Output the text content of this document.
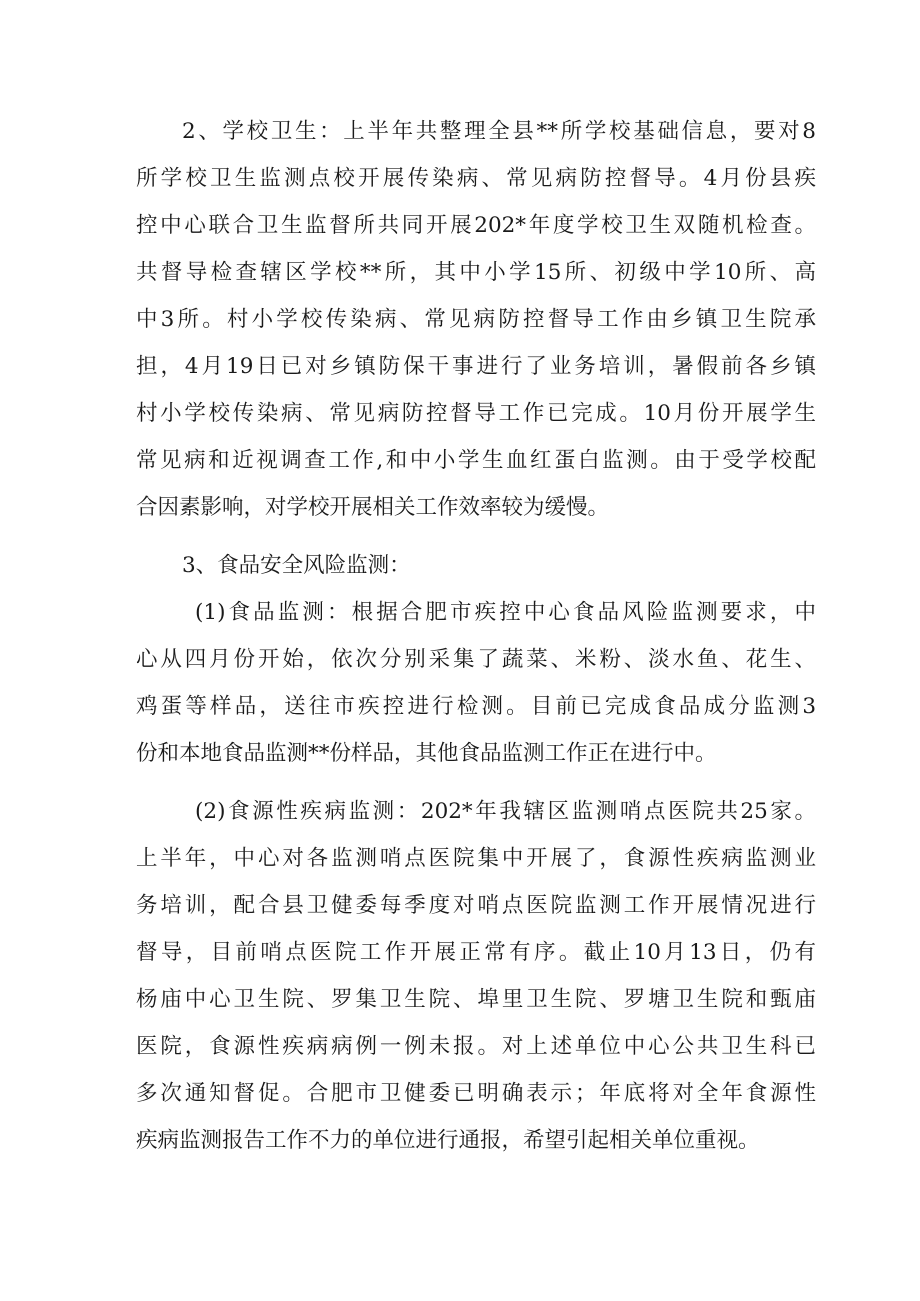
2、学校卫生：上半年共整理全县**所学校基础信息，要对8
所学校卫生监测点校开展传染病、常见病防控督导。4月份县疾
控中心联合卫生监督所共同开展202*年度学校卫生双随机检查。
共督导检查辖区学校**所，其中小学15所、初级中学10所、高
中3所。村小学校传染病、常见病防控督导工作由乡镇卫生院承
担，4月19日已对乡镇防保干事进行了业务培训，暑假前各乡镇
村小学校传染病、常见病防控督导工作已完成。10月份开展学生
常见病和近视调查工作,和中小学生血红蛋白监测。由于受学校配
合因素影响，对学校开展相关工作效率较为缓慢。
3、食品安全风险监测：
(1)食品监测：根据合肥市疾控中心食品风险监测要求，中
心从四月份开始，依次分别采集了蔬菜、米粉、淡水鱼、花生、
鸡蛋等样品，送往市疾控进行检测。目前已完成食品成分监测3
份和本地食品监测**份样品，其他食品监测工作正在进行中。
(2)食源性疾病监测：202*年我辖区监测哨点医院共25家。
上半年，中心对各监测哨点医院集中开展了，食源性疾病监测业
务培训，配合县卫健委每季度对哨点医院监测工作开展情况进行
督导，目前哨点医院工作开展正常有序。截止10月13日，仍有
杨庙中心卫生院、罗集卫生院、埠里卫生院、罗塘卫生院和甄庙
医院，食源性疾病病例一例未报。对上述单位中心公共卫生科已
多次通知督促。合肥市卫健委已明确表示；年底将对全年食源性
疾病监测报告工作不力的单位进行通报，希望引起相关单位重视。
